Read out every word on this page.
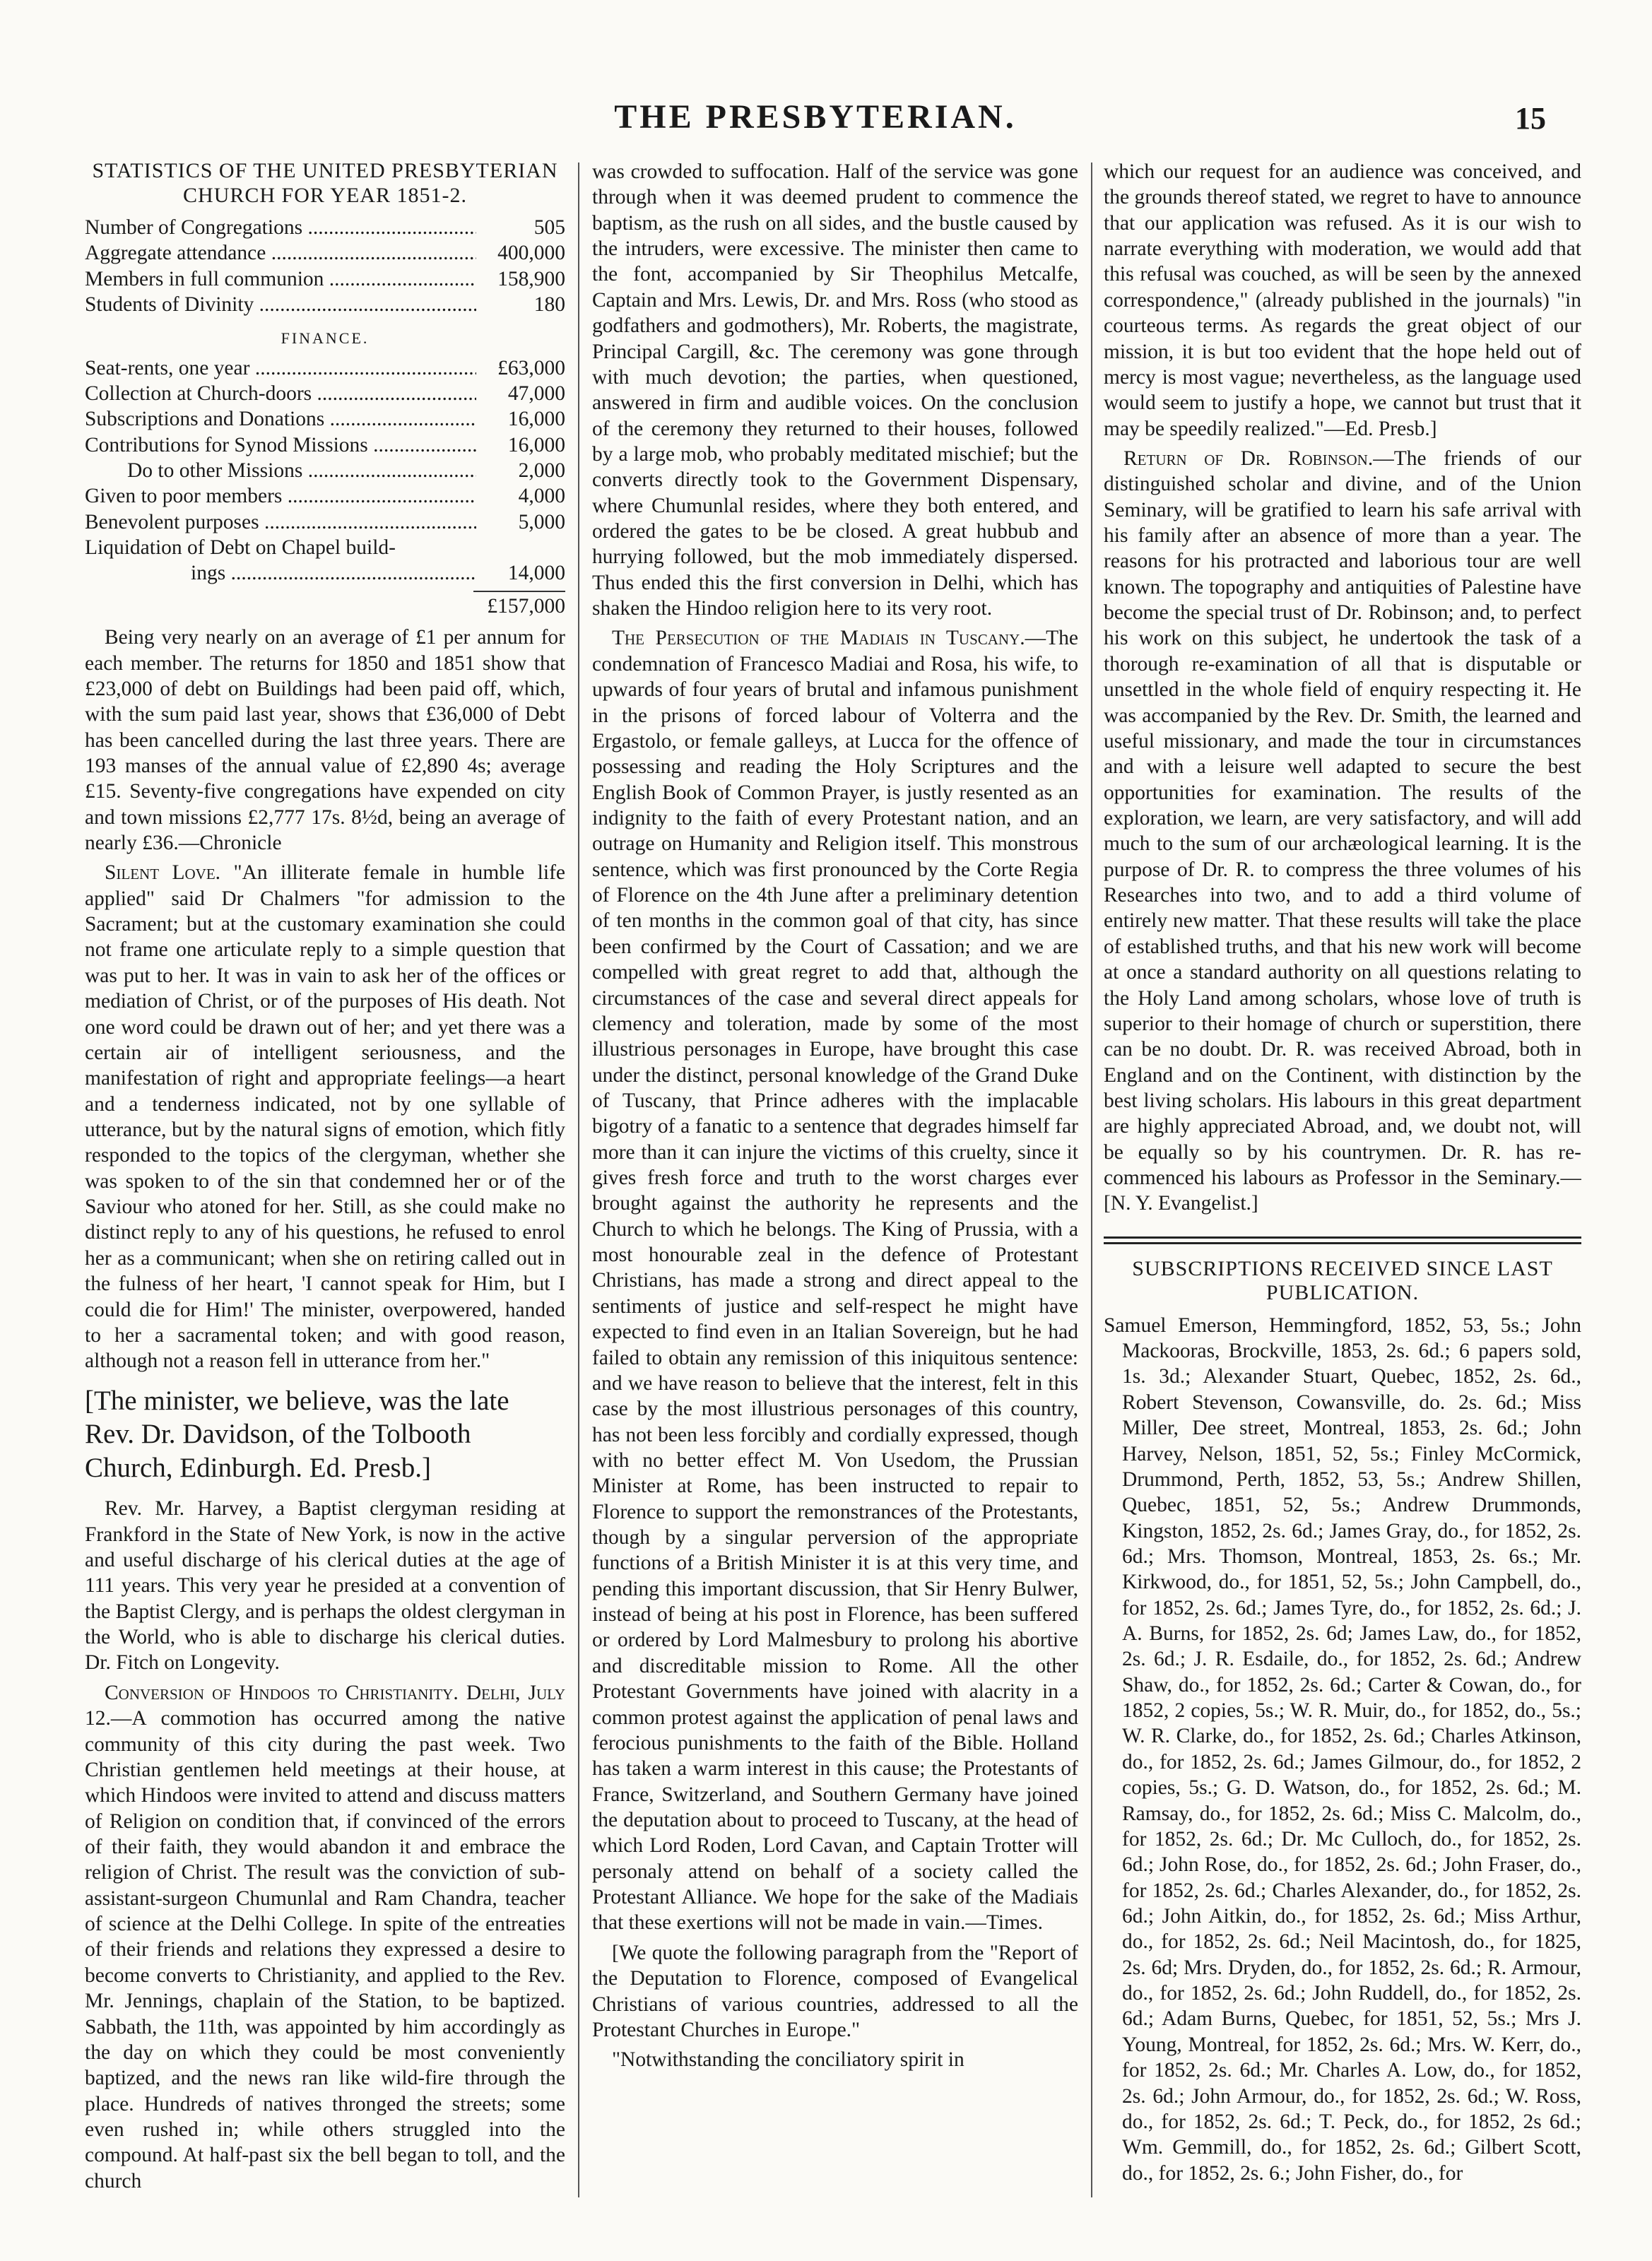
THE PRESBYTERIAN.	15
STATISTICS OF THE UNITED PRESBYTERIAN CHURCH FOR YEAR 1851-2.
Number of Congregations .....	505
Aggregate attendance .....	400,000
Members in full communion .....	158,900
Students of Divinity .....	180
FINANCE.
Seat-rents, one year .....	£63,000
Collection at Church-doors .....	47,000
Subscriptions and Donations .....	16,000
Contributions for Synod Missions .....	16,000
Do to other Missions .....	2,000
Given to poor members .....	4,000
Benevolent purposes .....	5,000
Liquidation of Debt on Chapel build-
ings .....	14,000
£157,000

Being very nearly on an average of £1 per annum for each member. The returns for 1850 and 1851 show that £23,000 of debt on Buildings had been paid off, which, with the sum paid last year, shows that £36,000 of Debt has been cancelled during the last three years. There are 193 manses of the annual value of £2,890 4s; average £15. Seventy-five congregations have expended on city and town missions £2,777 17s. 8½d, being an average of nearly £36.—Chronicle

Silent Love. "An illiterate female in humble life applied" said Dr Chalmers "for admission to the Sacrament; but at the customary examination she could not frame one articulate reply to a simple question that was put to her. It was in vain to ask her of the offices or mediation of Christ, or of the purposes of His death. Not one word could be drawn out of her; and yet there was a certain air of intelligent seriousness, and the manifestation of right and appropriate feelings—a heart and a tenderness indicated, not by one syllable of utterance, but by the natural signs of emotion, which fitly responded to the topics of the clergyman, whether she was spoken to of the sin that condemned her or of the Saviour who atoned for her. Still, as she could make no distinct reply to any of his questions, he refused to enrol her as a communicant; when she on retiring called out in the fulness of her heart, 'I cannot speak for Him, but I could die for Him!' The minister, overpowered, handed to her a sacramental token; and with good reason, although not a reason fell in utterance from her."

[The minister, we believe, was the late Rev. Dr. Davidson, of the Tolbooth Church, Edinburgh. Ed. Presb.]

Rev. Mr. Harvey, a Baptist clergyman residing at Frankford in the State of New York, is now in the active and useful discharge of his clerical duties at the age of 111 years. This very year he presided at a convention of the Baptist Clergy, and is perhaps the oldest clergyman in the World, who is able to discharge his clerical duties. Dr. Fitch on Longevity.

Conversion of Hindoos to Christianity. Delhi, July 12.—A commotion has occurred among the native community of this city during the past week. Two Christian gentlemen held meetings at their house, at which Hindoos were invited to attend and discuss matters of Religion on condition that, if convinced of the errors of their faith, they would abandon it and embrace the religion of Christ. The result was the conviction of sub-assistant-surgeon Chumunlal and Ram Chandra, teacher of science at the Delhi College. In spite of the entreaties of their friends and relations they expressed a desire to become converts to Christianity, and applied to the Rev. Mr. Jennings, chaplain of the Station, to be baptized. Sabbath, the 11th, was appointed by him accordingly as the day on which they could be most conveniently baptized, and the news ran like wild-fire through the place. Hundreds of natives thronged the streets; some even rushed in; while others struggled into the compound. At half-past six the bell began to toll, and the church

was crowded to suffocation. Half of the service was gone through when it was deemed prudent to commence the baptism, as the rush on all sides, and the bustle caused by the intruders, were excessive. The minister then came to the font, accompanied by Sir Theophilus Metcalfe, Captain and Mrs. Lewis, Dr. and Mrs. Ross (who stood as godfathers and godmothers), Mr. Roberts, the magistrate, Principal Cargill, &c. The ceremony was gone through with much devotion; the parties, when questioned, answered in firm and audible voices. On the conclusion of the ceremony they returned to their houses, followed by a large mob, who probably meditated mischief; but the converts directly took to the Government Dispensary, where Chumunlal resides, where they both entered, and ordered the gates to be be closed. A great hubbub and hurrying followed, but the mob immediately dispersed. Thus ended this the first conversion in Delhi, which has shaken the Hindoo religion here to its very root.

The Persecution of the Madiais in Tuscany.—The condemnation of Francesco Madiai and Rosa, his wife, to upwards of four years of brutal and infamous punishment in the prisons of forced labour of Volterra and the Ergastolo, or female galleys, at Lucca for the offence of possessing and reading the Holy Scriptures and the English Book of Common Prayer, is justly resented as an indignity to the faith of every Protestant nation, and an outrage on Humanity and Religion itself. This monstrous sentence, which was first pronounced by the Corte Regia of Florence on the 4th June after a preliminary detention of ten months in the common goal of that city, has since been confirmed by the Court of Cassation; and we are compelled with great regret to add that, although the circumstances of the case and several direct appeals for clemency and toleration, made by some of the most illustrious personages in Europe, have brought this case under the distinct, personal knowledge of the Grand Duke of Tuscany, that Prince adheres with the implacable bigotry of a fanatic to a sentence that degrades himself far more than it can injure the victims of this cruelty, since it gives fresh force and truth to the worst charges ever brought against the authority he represents and the Church to which he belongs. The King of Prussia, with a most honourable zeal in the defence of Protestant Christians, has made a strong and direct appeal to the sentiments of justice and self-respect he might have expected to find even in an Italian Sovereign, but he had failed to obtain any remission of this iniquitous sentence: and we have reason to believe that the interest, felt in this case by the most illustrious personages of this country, has not been less forcibly and cordially expressed, though with no better effect M. Von Usedom, the Prussian Minister at Rome, has been instructed to repair to Florence to support the remonstrances of the Protestants, though by a singular perversion of the appropriate functions of a British Minister it is at this very time, and pending this important discussion, that Sir Henry Bulwer, instead of being at his post in Florence, has been suffered or ordered by Lord Malmesbury to prolong his abortive and discreditable mission to Rome. All the other Protestant Governments have joined with alacrity in a common protest against the application of penal laws and ferocious punishments to the faith of the Bible. Holland has taken a warm interest in this cause; the Protestants of France, Switzerland, and Southern Germany have joined the deputation about to proceed to Tuscany, at the head of which Lord Roden, Lord Cavan, and Captain Trotter will personaly attend on behalf of a society called the Protestant Alliance. We hope for the sake of the Madiais that these exertions will not be made in vain.—Times.

[We quote the following paragraph from the "Report of the Deputation to Florence, composed of Evangelical Christians of various countries, addressed to all the Protestant Churches in Europe."

"Notwithstanding the conciliatory spirit in

which our request for an audience was conceived, and the grounds thereof stated, we regret to have to announce that our application was refused. As it is our wish to narrate everything with moderation, we would add that this refusal was couched, as will be seen by the annexed correspondence," (already published in the journals) "in courteous terms. As regards the great object of our mission, it is but too evident that the hope held out of mercy is most vague; nevertheless, as the language used would seem to justify a hope, we cannot but trust that it may be speedily realized."—Ed. Presb.]

Return of Dr. Robinson.—The friends of our distinguished scholar and divine, and of the Union Seminary, will be gratified to learn his safe arrival with his family after an absence of more than a year. The reasons for his protracted and laborious tour are well known. The topography and antiquities of Palestine have become the special trust of Dr. Robinson; and, to perfect his work on this subject, he undertook the task of a thorough re-examination of all that is disputable or unsettled in the whole field of enquiry respecting it. He was accompanied by the Rev. Dr. Smith, the learned and useful missionary, and made the tour in circumstances and with a leisure well adapted to secure the best opportunities for examination. The results of the exploration, we learn, are very satisfactory, and will add much to the sum of our archæological learning. It is the purpose of Dr. R. to compress the three volumes of his Researches into two, and to add a third volume of entirely new matter. That these results will take the place of established truths, and that his new work will become at once a standard authority on all questions relating to the Holy Land among scholars, whose love of truth is superior to their homage of church or superstition, there can be no doubt. Dr. R. was received Abroad, both in England and on the Continent, with distinction by the best living scholars. His labours in this great department are highly appreciated Abroad, and, we doubt not, will be equally so by his countrymen. Dr. R. has re-commenced his labours as Professor in the Seminary.—[N. Y. Evangelist.]

SUBSCRIPTIONS RECEIVED SINCE LAST PUBLICATION.

Samuel Emerson, Hemmingford, 1852, 53, 5s.; John Mackooras, Brockville, 1853, 2s. 6d.; 6 papers sold, 1s. 3d.; Alexander Stuart, Quebec, 1852, 2s. 6d., Robert Stevenson, Cowansville, do. 2s. 6d.; Miss Miller, Dee street, Montreal, 1853, 2s. 6d.; John Harvey, Nelson, 1851, 52, 5s.; Finley McCormick, Drummond, Perth, 1852, 53, 5s.; Andrew Shillen, Quebec, 1851, 52, 5s.; Andrew Drummonds, Kingston, 1852, 2s. 6d.; James Gray, do., for 1852, 2s. 6d.; Mrs. Thomson, Montreal, 1853, 2s. 6s.; Mr. Kirkwood, do., for 1851, 52, 5s.; John Campbell, do., for 1852, 2s. 6d.; James Tyre, do., for 1852, 2s. 6d.; J. A. Burns, for 1852, 2s. 6d; James Law, do., for 1852, 2s. 6d.; J. R. Esdaile, do., for 1852, 2s. 6d.; Andrew Shaw, do., for 1852, 2s. 6d.; Carter & Cowan, do., for 1852, 2 copies, 5s.; W. R. Muir, do., for 1852, do., 5s.; W. R. Clarke, do., for 1852, 2s. 6d.; Charles Atkinson, do., for 1852, 2s. 6d.; James Gilmour, do., for 1852, 2 copies, 5s.; G. D. Watson, do., for 1852, 2s. 6d.; M. Ramsay, do., for 1852, 2s. 6d.; Miss C. Malcolm, do., for 1852, 2s. 6d.; Dr. Mc Culloch, do., for 1852, 2s. 6d.; John Rose, do., for 1852, 2s. 6d.; John Fraser, do., for 1852, 2s. 6d.; Charles Alexander, do., for 1852, 2s. 6d.; John Aitkin, do., for 1852, 2s. 6d.; Miss Arthur, do., for 1852, 2s. 6d.; Neil Macintosh, do., for 1825, 2s. 6d; Mrs. Dryden, do., for 1852, 2s. 6d.; R. Armour, do., for 1852, 2s. 6d.; John Ruddell, do., for 1852, 2s. 6d.; Adam Burns, Quebec, for 1851, 52, 5s.; Mrs J. Young, Montreal, for 1852, 2s. 6d.; Mrs. W. Kerr, do., for 1852, 2s. 6d.; Mr. Charles A. Low, do., for 1852, 2s. 6d.; John Armour, do., for 1852, 2s. 6d.; W. Ross, do., for 1852, 2s. 6d.; T. Peck, do., for 1852, 2s 6d.; Wm. Gemmill, do., for 1852, 2s. 6d.; Gilbert Scott, do., for 1852, 2s. 6.; John Fisher, do., for
